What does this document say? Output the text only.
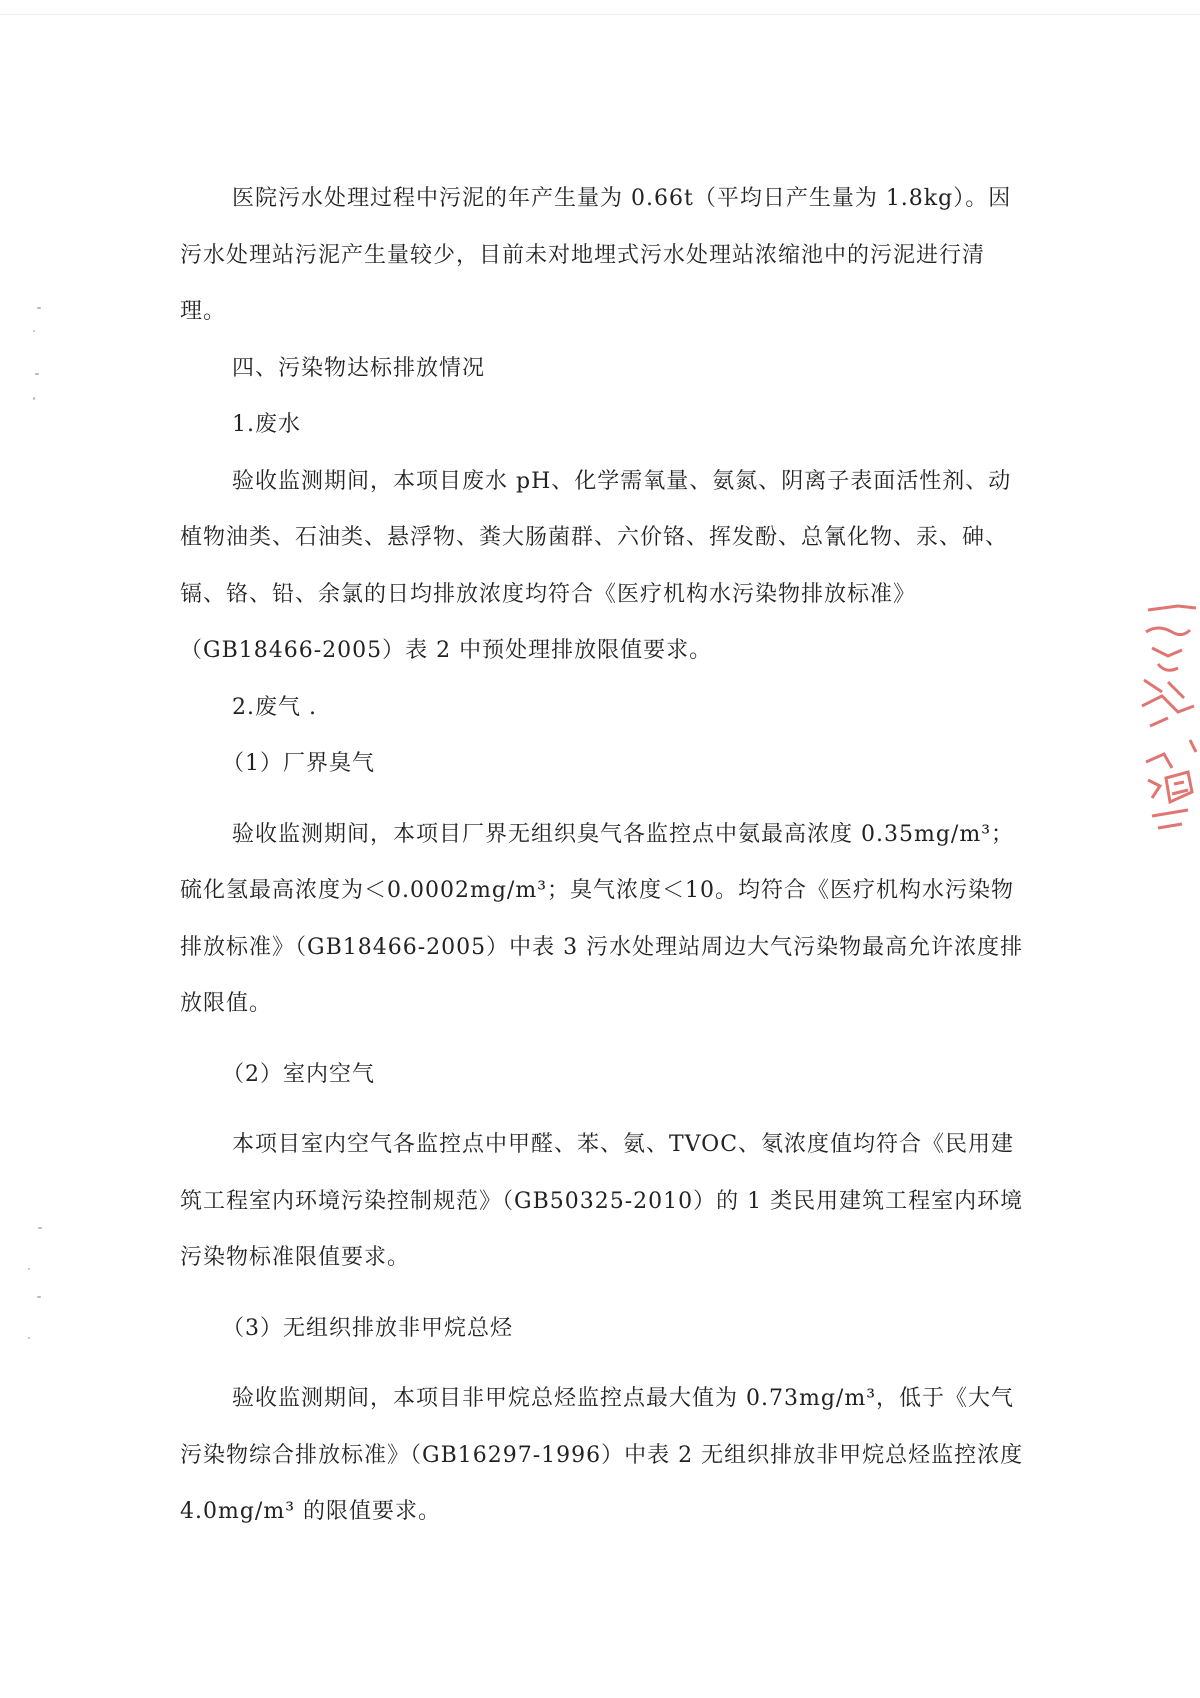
医院污水处理过程中污泥的年产生量为 0.66t（平均日产生量为 1.8kg）。因污水处理站污泥产生量较少，目前未对地埋式污水处理站浓缩池中的污泥进行清理。

四、污染物达标排放情况

1.废水

验收监测期间，本项目废水 pH、化学需氧量、氨氮、阴离子表面活性剂、动植物油类、石油类、悬浮物、粪大肠菌群、六价铬、挥发酚、总氰化物、汞、砷、镉、铬、铅、余氯的日均排放浓度均符合《医疗机构水污染物排放标准》（GB18466-2005）表 2 中预处理排放限值要求。

2.废气 .

（1）厂界臭气

验收监测期间，本项目厂界无组织臭气各监控点中氨最高浓度 0.35mg/m³；硫化氢最高浓度为＜0.0002mg/m³；臭气浓度＜10。均符合《医疗机构水污染物排放标准》（GB18466-2005）中表 3 污水处理站周边大气污染物最高允许浓度排放限值。

（2）室内空气

本项目室内空气各监控点中甲醛、苯、氨、TVOC、氡浓度值均符合《民用建筑工程室内环境污染控制规范》（GB50325-2010）的 1 类民用建筑工程室内环境污染物标准限值要求。

（3）无组织排放非甲烷总烃

验收监测期间，本项目非甲烷总烃监控点最大值为 0.73mg/m³，低于《大气污染物综合排放标准》（GB16297-1996）中表 2 无组织排放非甲烷总烃监控浓度 4.0mg/m³ 的限值要求。
